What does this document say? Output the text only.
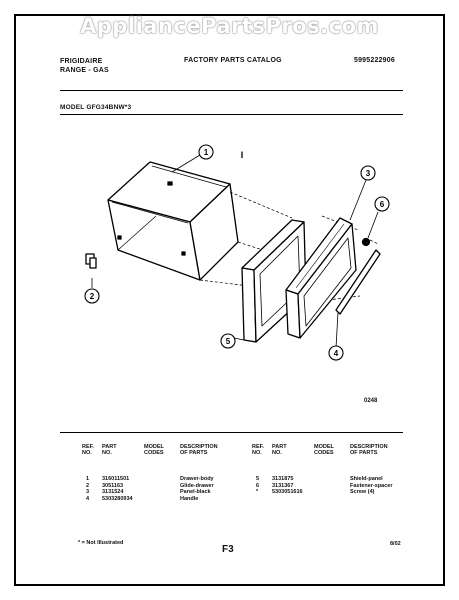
AppliancePartsPros.com
FRIGIDAIRE
RANGE - GAS
FACTORY PARTS CATALOG	5995222906
MODEL GFG34BNW*3
1
2
3
4
5
6
I
0248
REF.
NO.
PART
NO.
MODEL
CODES
DESCRIPTION
OF PARTS
1
2
3
4
316011501
3051163
3131524
5303280934
Drawer-body
Glide-drawer
Panel-black
Handle
REF.
NO.
PART
NO.
MODEL
CODES
DESCRIPTION
OF PARTS
5
6
*
3131875
3131367
5303051616
Shield-panel
Fastener-spacer
Screw (4)
* = Not Illustrated
F3	8/02
